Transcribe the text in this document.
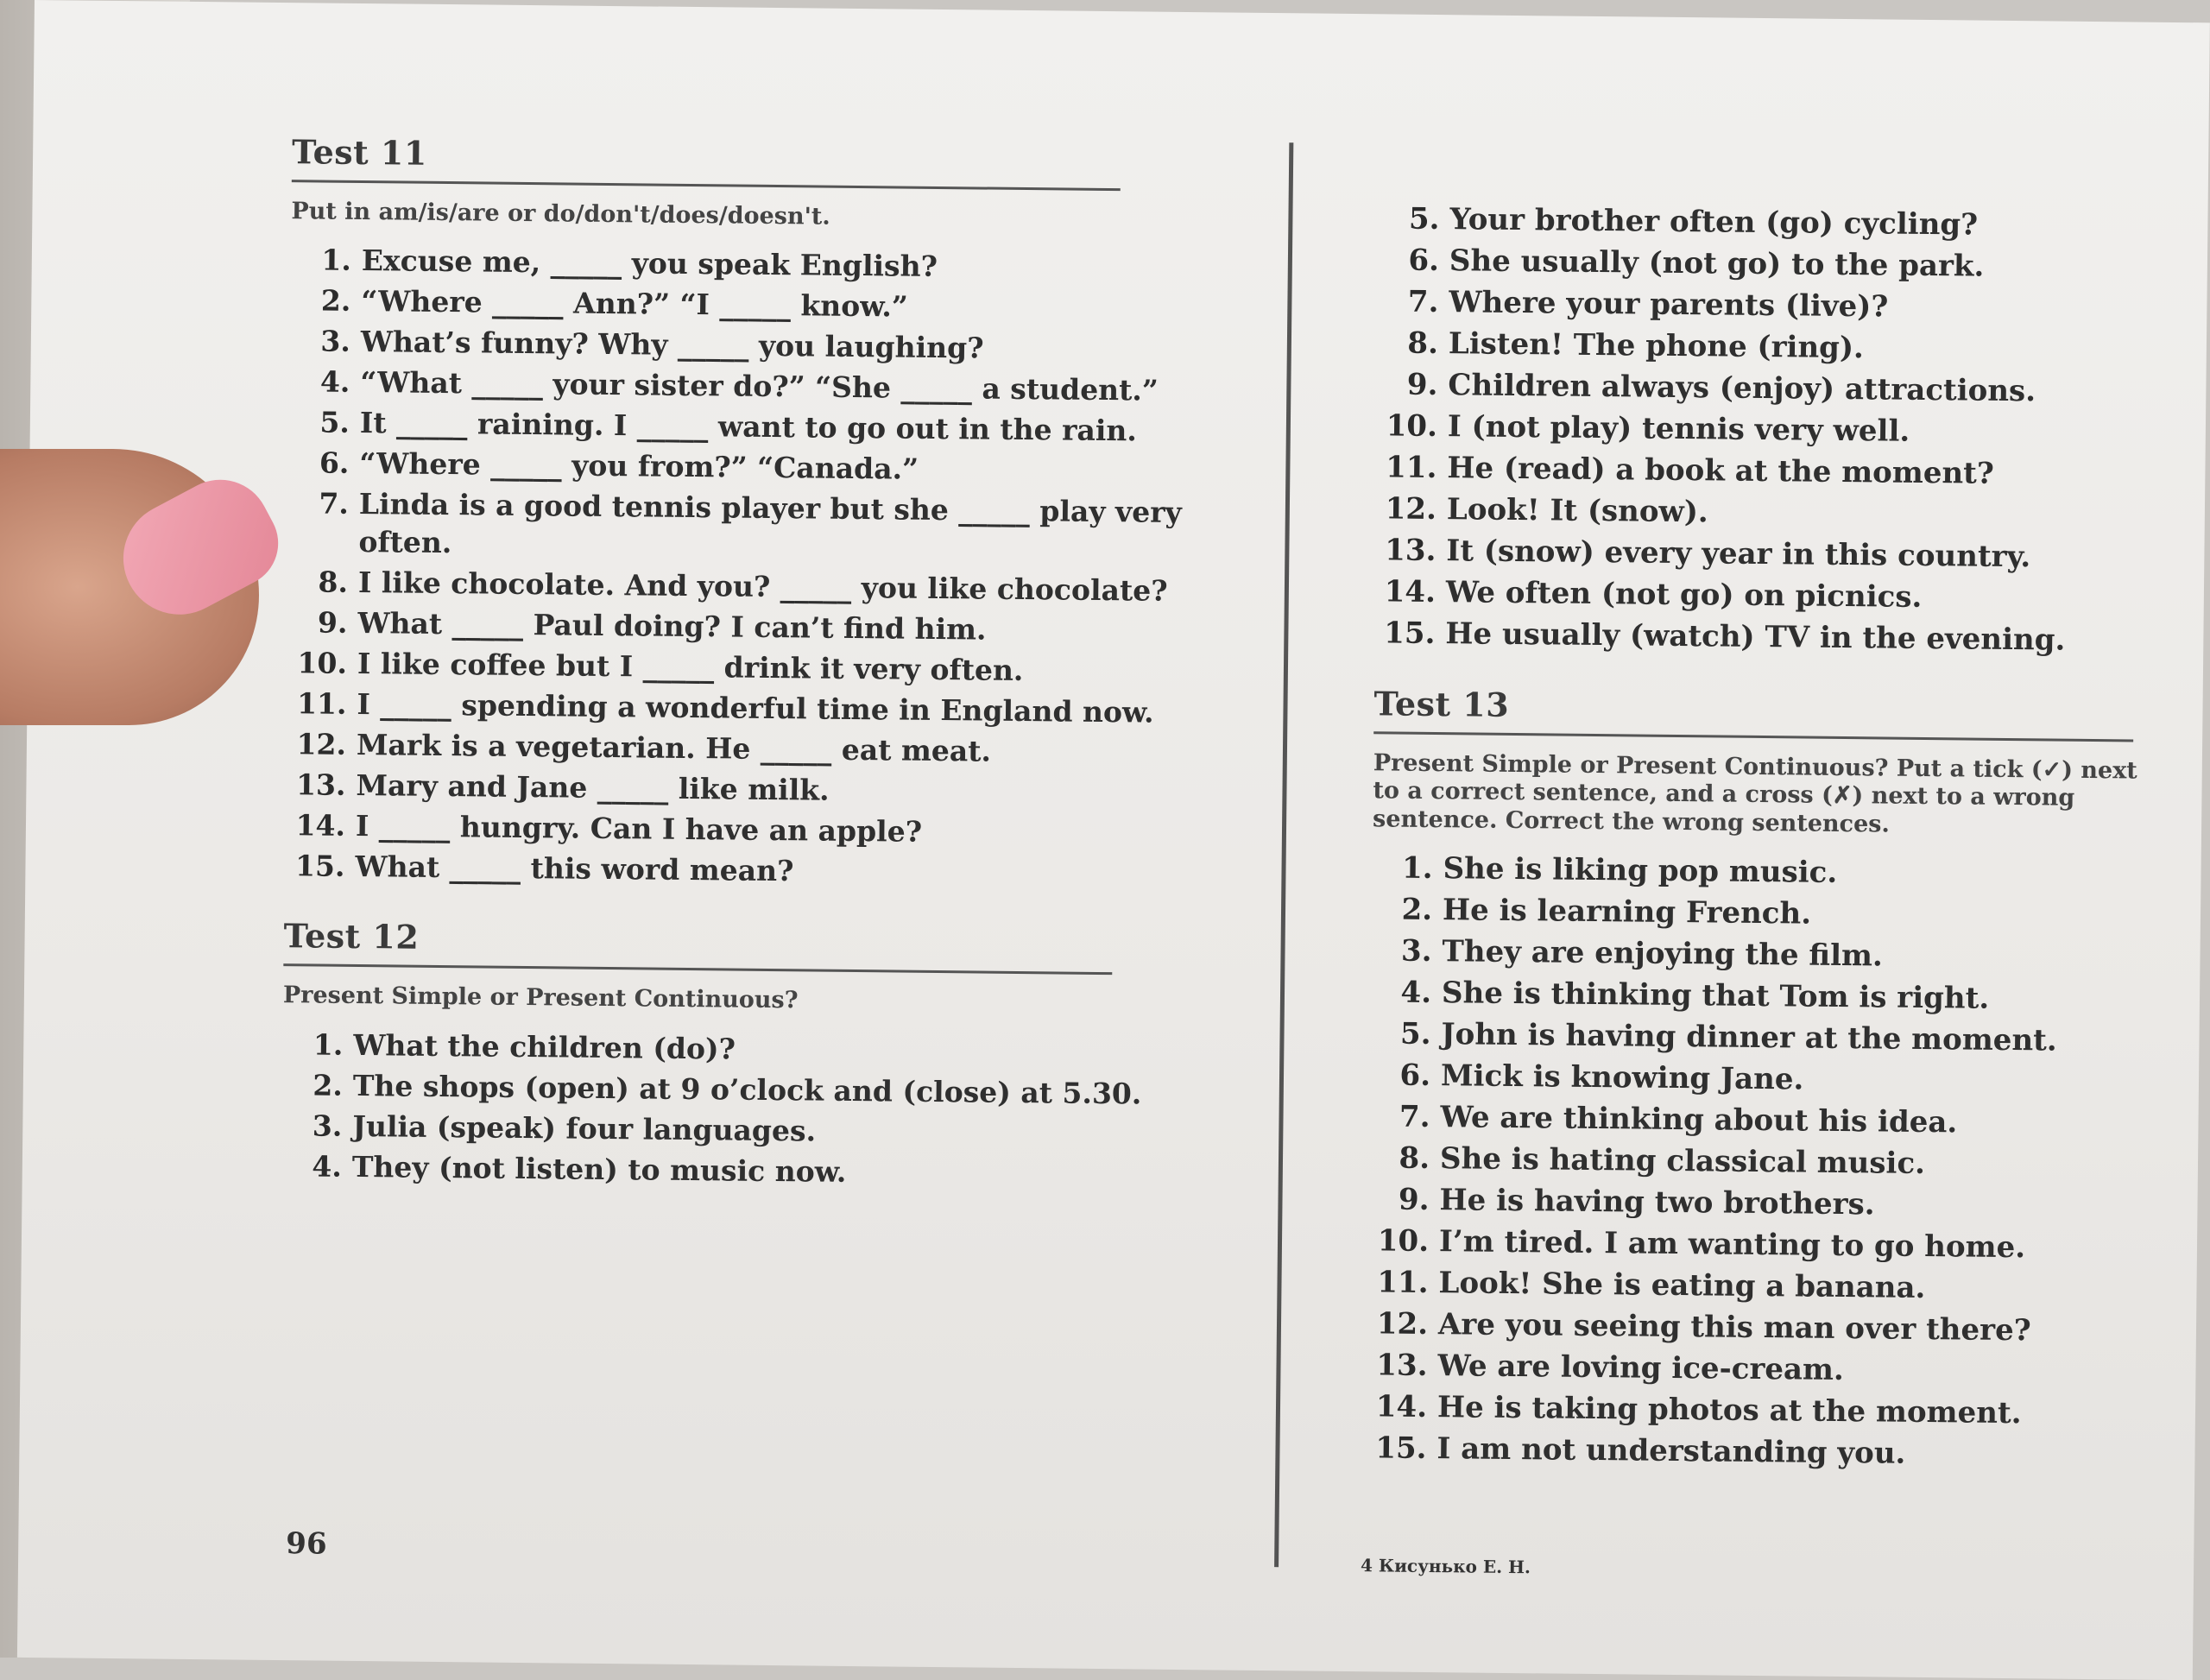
Test 11
Put in am/is/are or do/don't/does/doesn't.
1. Excuse me, _____ you speak English?
2. “Where _____ Ann?” “I _____ know.”
3. What’s funny? Why _____ you laughing?
4. “What _____ your sister do?” “She _____ a student.”
5. It _____ raining. I _____ want to go out in the rain.
6. “Where _____ you from?” “Canada.”
7. Linda is a good tennis player but she _____ play very often.
8. I like chocolate. And you? _____ you like chocolate?
9. What _____ Paul doing? I can’t find him.
10. I like coffee but I _____ drink it very often.
11. I _____ spending a wonderful time in England now.
12. Mark is a vegetarian. He _____ eat meat.
13. Mary and Jane _____ like milk.
14. I _____ hungry. Can I have an apple?
15. What _____ this word mean?
Test 12
Present Simple or Present Continuous?
1. What the children (do)?
2. The shops (open) at 9 o’clock and (close) at 5.30.
3. Julia (speak) four languages.
4. They (not listen) to music now.
5. Your brother often (go) cycling?
6. She usually (not go) to the park.
7. Where your parents (live)?
8. Listen! The phone (ring).
9. Children always (enjoy) attractions.
10. I (not play) tennis very well.
11. He (read) a book at the moment?
12. Look! It (snow).
13. It (snow) every year in this country.
14. We often (not go) on picnics.
15. He usually (watch) TV in the evening.
Test 13
Present Simple or Present Continuous? Put a tick (✓) next to a correct sentence, and a cross (✗) next to a wrong sentence. Correct the wrong sentences.
1. She is liking pop music.
2. He is learning French.
3. They are enjoying the film.
4. She is thinking that Tom is right.
5. John is having dinner at the moment.
6. Mick is knowing Jane.
7. We are thinking about his idea.
8. She is hating classical music.
9. He is having two brothers.
10. I’m tired. I am wanting to go home.
11. Look! She is eating a banana.
12. Are you seeing this man over there?
13. We are loving ice-cream.
14. He is taking photos at the moment.
15. I am not understanding you.
96
4 Кисунько Е. Н.
